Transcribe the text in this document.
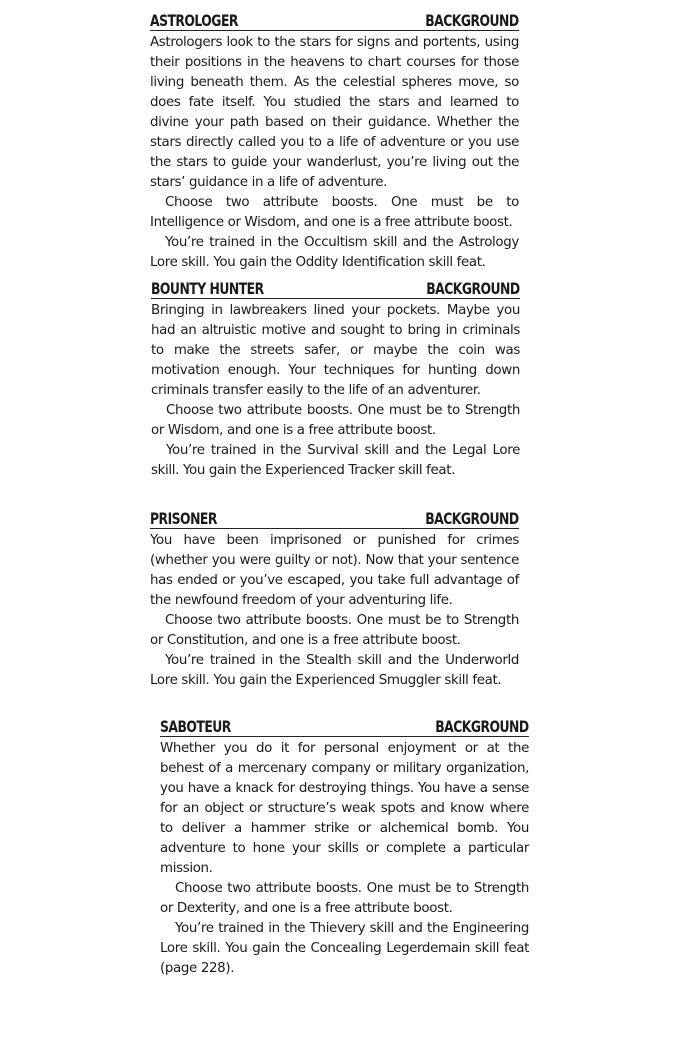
ASTROLOGER	BACKGROUND

Astrologers look to the stars for signs and portents, using their positions in the heavens to chart courses for those living beneath them. As the celestial spheres move, so does fate itself. You studied the stars and learned to divine your path based on their guidance. Whether the stars directly called you to a life of adventure or you use the stars to guide your wanderlust, you’re living out the stars’ guidance in a life of adventure.

Choose two attribute boosts. One must be to Intelligence or Wisdom, and one is a free attribute boost.

You’re trained in the Occultism skill and the Astrology Lore skill. You gain the Oddity Identification skill feat.

BOUNTY HUNTER	BACKGROUND

Bringing in lawbreakers lined your pockets. Maybe you had an altruistic motive and sought to bring in criminals to make the streets safer, or maybe the coin was motivation enough. Your techniques for hunting down criminals transfer easily to the life of an adventurer.

Choose two attribute boosts. One must be to Strength or Wisdom, and one is a free attribute boost.

You’re trained in the Survival skill and the Legal Lore skill. You gain the Experienced Tracker skill feat.

PRISONER	BACKGROUND

You have been imprisoned or punished for crimes (whether you were guilty or not). Now that your sentence has ended or you’ve escaped, you take full advantage of the newfound freedom of your adventuring life.

Choose two attribute boosts. One must be to Strength or Constitution, and one is a free attribute boost.

You’re trained in the Stealth skill and the Underworld Lore skill. You gain the Experienced Smuggler skill feat.

SABOTEUR	BACKGROUND

Whether you do it for personal enjoyment or at the behest of a mercenary company or military organization, you have a knack for destroying things. You have a sense for an object or structure’s weak spots and know where to deliver a hammer strike or alchemical bomb. You adventure to hone your skills or complete a particular mission.

Choose two attribute boosts. One must be to Strength or Dexterity, and one is a free attribute boost.

You’re trained in the Thievery skill and the Engineering Lore skill. You gain the Concealing Legerdemain skill feat (page 228).
